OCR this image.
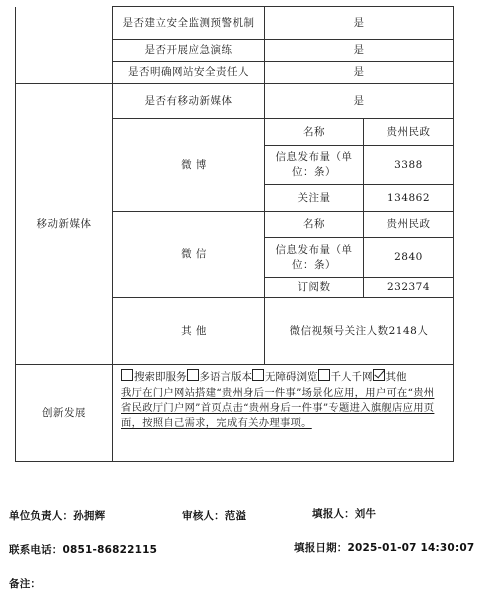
	是否建立安全监测预警机制	是	
	是否开展应急演练	是	
	是否明确网站安全责任人	是	
移动新媒体	是否有移动新媒体	是	
	微 博	名称	贵州民政
		信息发布量（单位：条）	3388
		关注量	134862
	微 信	名称	贵州民政
		信息发布量（单位：条）	2840
		订阅数	232374
	其 他	微信视频号关注人数2148人	
创新发展	搜索即服务 多语言版本 无障碍浏览 千人千网 其他
我厅在门户网站搭建“贵州身后一件事”场景化应用，用户可在“贵州省民政厅门户网”首页点击“贵州身后一件事”专题进入旗舰店应用页面，按照自己需求，完成有关办理事项。		
单位负责人：孙拥辉	审核人：范溢	填报人：刘牛
联系电话：0851-86822115	填报日期：2025-01-07 14:30:07
备注：
